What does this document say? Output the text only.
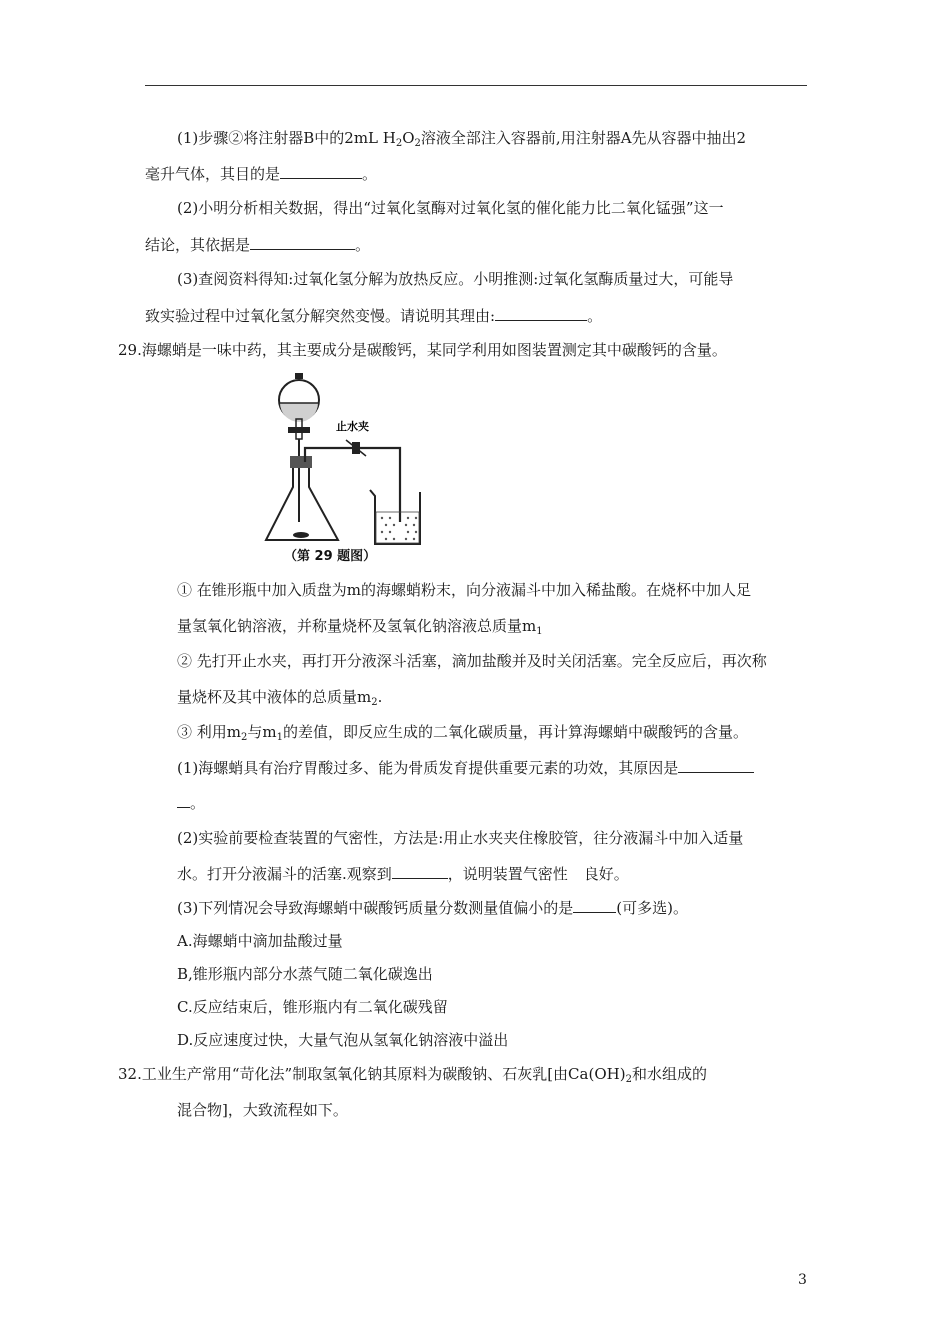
(1)步骤②将注射器B中的2mL $H_2O_2$溶液全部注入容器前,用注射器A先从容器中抽出2
毫升气体，其目的是	。
(2)小明分析相关数据，得出“过氧化氢酶对过氧化氢的催化能力比二氧化锰强”这一
结论，其依据是	。
(3)查阅资料得知:过氧化氢分解为放热反应。小明推测:过氧化氢酶质量过大，可能导
致实验过程中过氧化氢分解突然变慢。请说明其理由:	。
29.海螺蛸是一味中药，其主要成分是碳酸钙，某同学利用如图装置测定其中碳酸钙的含量。
止水夹
（第 29 题图）
① 在锥形瓶中加入质盘为m的海螺蛸粉末，向分液漏斗中加入稀盐酸。在烧杯中加人足
量氢氧化钠溶液，并称量烧杯及氢氧化钠溶液总质量$m_1$
② 先打开止水夹，再打开分液深斗活塞，滴加盐酸并及时关闭活塞。完全反应后，再次称
量烧杯及其中液体的总质量$m_2$.
③ 利用$m_2$与$m_1$的差值，即反应生成的二氧化碳质量，再计算海螺蛸中碳酸钙的含量。
(1)海螺蛸具有治疗胃酸过多、能为骨质发育提供重要元素的功效，其原因是
。
(2)实验前要检查装置的气密性，方法是:用止水夹夹住橡胶管，往分液漏斗中加入适量
水。打开分液漏斗的活塞.观察到	，说明装置气密性 良好。
(3)下列情况会导致海螺蛸中碳酸钙质量分数测量值偏小的是	(可多选)。
A.海螺蛸中滴加盐酸过量
B,锥形瓶内部分水蒸气随二氧化碳逸出
C.反应结束后，锥形瓶内有二氧化碳残留
D.反应速度过快，大量气泡从氢氧化钠溶液中溢出
32.工业生产常用“苛化法”制取氢氧化钠其原料为碳酸钠、石灰乳[由$Ca(OH)_2$和水组成的
混合物]，大致流程如下。
3
